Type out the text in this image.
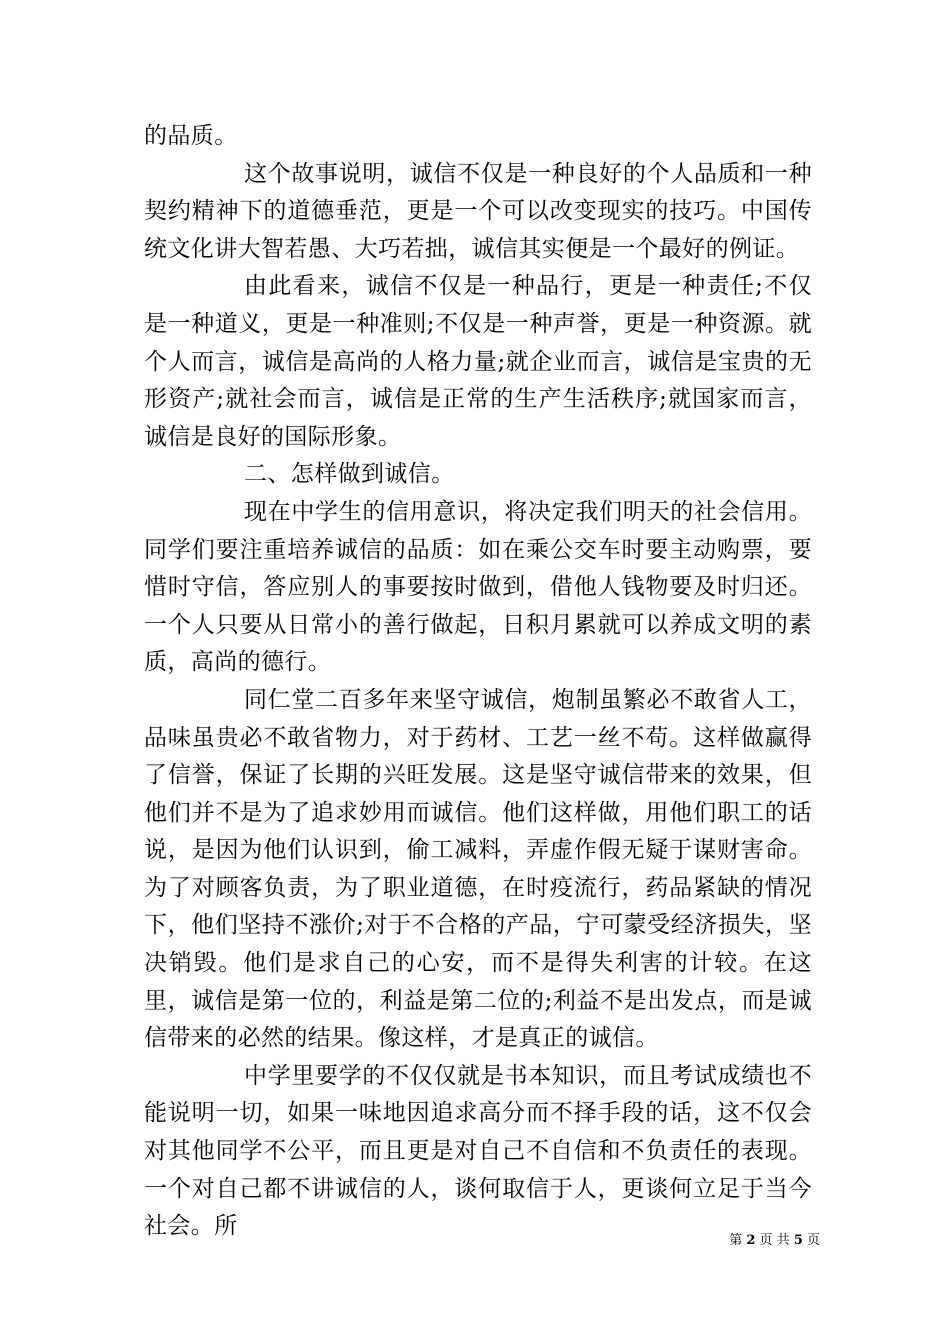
的品质。

这个故事说明，诚信不仅是一种良好的个人品质和一种契约精神下的道德垂范，更是一个可以改变现实的技巧。中国传统文化讲大智若愚、大巧若拙，诚信其实便是一个最好的例证。

由此看来，诚信不仅是一种品行，更是一种责任;不仅是一种道义，更是一种准则;不仅是一种声誉，更是一种资源。就个人而言，诚信是高尚的人格力量;就企业而言，诚信是宝贵的无形资产;就社会而言，诚信是正常的生产生活秩序;就国家而言，诚信是良好的国际形象。

二、怎样做到诚信。

现在中学生的信用意识，将决定我们明天的社会信用。同学们要注重培养诚信的品质：如在乘公交车时要主动购票，要惜时守信，答应别人的事要按时做到，借他人钱物要及时归还。一个人只要从日常小的善行做起，日积月累就可以养成文明的素质，高尚的德行。

同仁堂二百多年来坚守诚信，炮制虽繁必不敢省人工，品味虽贵必不敢省物力，对于药材、工艺一丝不苟。这样做赢得了信誉，保证了长期的兴旺发展。这是坚守诚信带来的效果，但他们并不是为了追求妙用而诚信。他们这样做，用他们职工的话说，是因为他们认识到，偷工减料，弄虚作假无疑于谋财害命。为了对顾客负责，为了职业道德，在时疫流行，药品紧缺的情况下，他们坚持不涨价;对于不合格的产品，宁可蒙受经济损失，坚决销毁。他们是求自己的心安，而不是得失利害的计较。在这里，诚信是第一位的，利益是第二位的;利益不是出发点，而是诚信带来的必然的结果。像这样，才是真正的诚信。

中学里要学的不仅仅就是书本知识，而且考试成绩也不能说明一切，如果一味地因追求高分而不择手段的话，这不仅会对其他同学不公平，而且更是对自己不自信和不负责任的表现。一个对自己都不讲诚信的人，谈何取信于人，更谈何立足于当今社会。所

第 2 页 共 5 页
